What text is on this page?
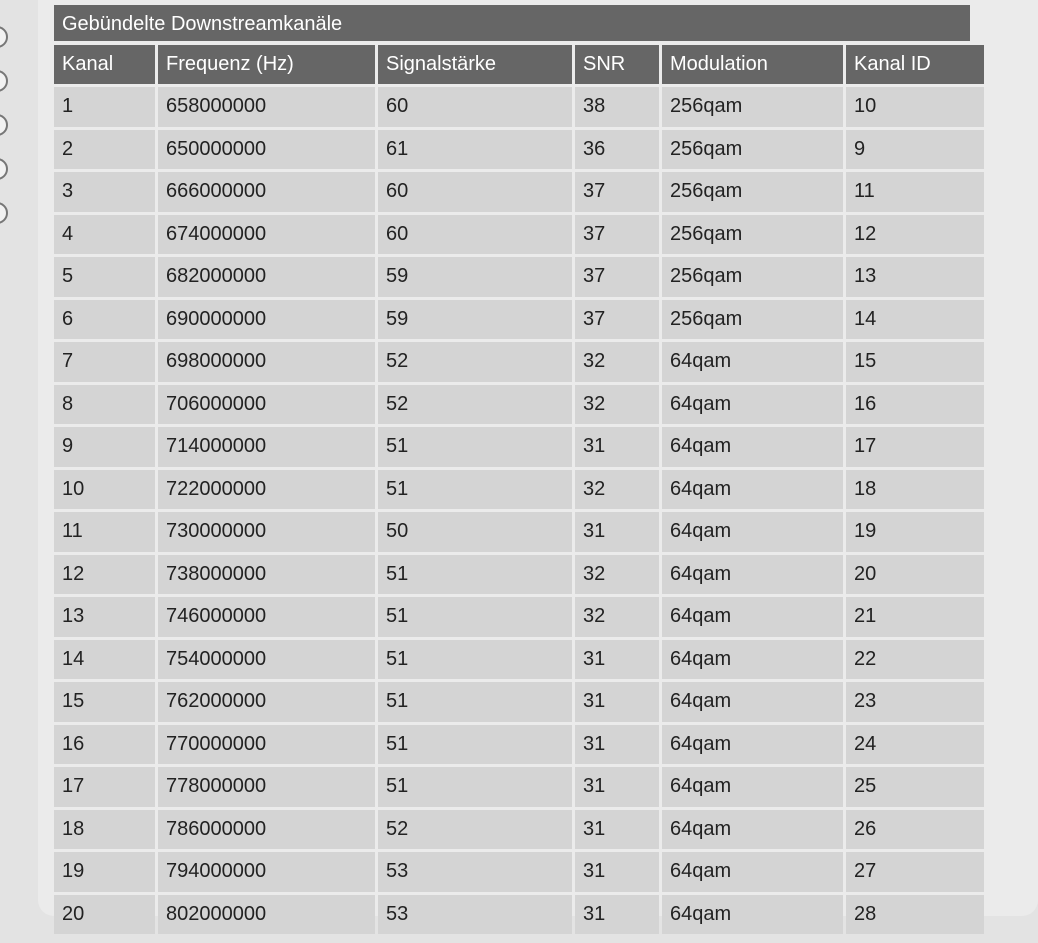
Gebündelte Downstreamkanäle
Kanal	Frequenz (Hz)	Signalstärke	SNR	Modulation	Kanal ID
1	658000000	60	38	256qam	10
2	650000000	61	36	256qam	9
3	666000000	60	37	256qam	11
4	674000000	60	37	256qam	12
5	682000000	59	37	256qam	13
6	690000000	59	37	256qam	14
7	698000000	52	32	64qam	15
8	706000000	52	32	64qam	16
9	714000000	51	31	64qam	17
10	722000000	51	32	64qam	18
11	730000000	50	31	64qam	19
12	738000000	51	32	64qam	20
13	746000000	51	32	64qam	21
14	754000000	51	31	64qam	22
15	762000000	51	31	64qam	23
16	770000000	51	31	64qam	24
17	778000000	51	31	64qam	25
18	786000000	52	31	64qam	26
19	794000000	53	31	64qam	27
20	802000000	53	31	64qam	28
